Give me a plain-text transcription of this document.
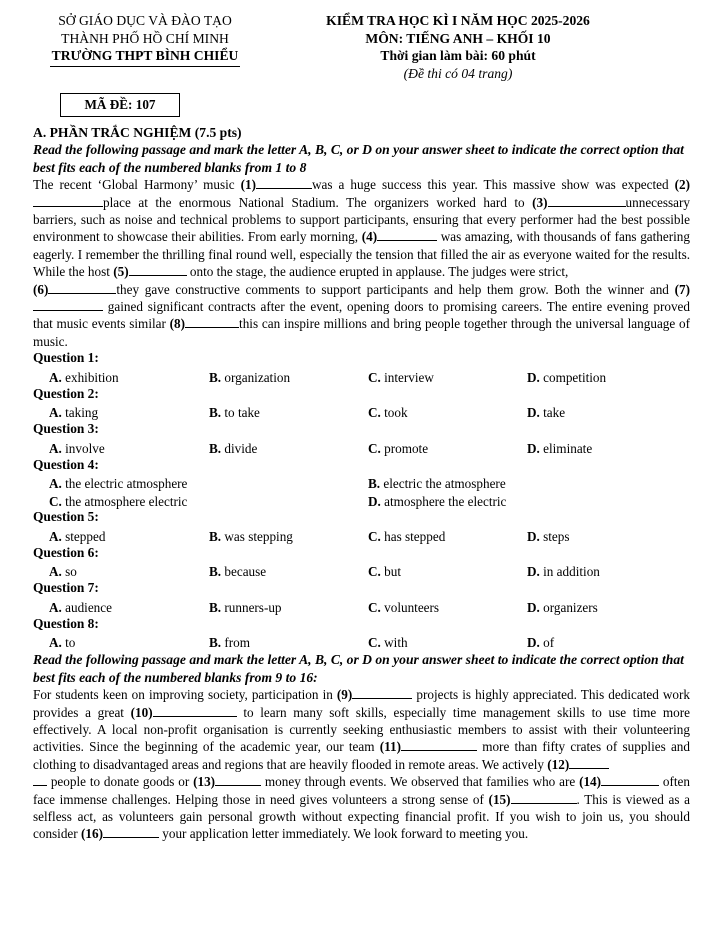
SỞ GIÁO DỤC VÀ ĐÀO TẠO
THÀNH PHỐ HỒ CHÍ MINH
TRƯỜNG THPT BÌNH CHIỂU
KIỂM TRA HỌC KÌ I NĂM HỌC 2025-2026
MÔN: TIẾNG ANH – KHỐI 10
Thời gian làm bài: 60 phút
(Đề thi có 04 trang)
MÃ ĐỀ: 107
A. PHẦN TRẮC NGHIỆM (7.5 pts)
Read the following passage and mark the letter A, B, C, or D on your answer sheet to indicate the correct option that best fits each of the numbered blanks from 1 to 8
The recent ‘Global Harmony’ music (1)	was a huge success this year. This massive show was expected (2)place at the enormous National Stadium. The organizers worked hard to (3)	unnecessary barriers, such as noise and technical problems to support participants, ensuring that every performer had the best possible environment to showcase their abilities. From early morning, (4)	was amazing, with thousands of fans gathering eagerly. I remember the thrilling final round well, especially the tension that filled the air as everyone waited for the results. While the host (5)	onto the stage, the audience erupted in applause. The judges were strict,
(6)	they gave constructive comments to support participants and help them grow. Both the winner and (7) gained significant contracts after the event, opening doors to promising careers. The entire evening proved that music events similar (8)	this can inspire millions and bring people together through the universal language of music.
Question 1:
A. exhibition	B. organization	C. interview	D. competition
Question 2:
A. taking	B. to take	C. took	D. take
Question 3:
A. involve	B. divide	C. promote	D. eliminate
Question 4:
A. the electric atmosphere	B. electric the atmosphere
C. the atmosphere electric	D. atmosphere the electric
Question 5:
A. stepped	B. was stepping	C. has stepped	D. steps
Question 6:
A. so	B. because	C. but	D. in addition
Question 7:
A. audience	B. runners-up	C. volunteers	D. organizers
Question 8:
A. to	B. from	C. with	D. of
Read the following passage and mark the letter A, B, C, or D on your answer sheet to indicate the correct option that best fits each of the numbered blanks from 9 to 16:
For students keen on improving society, participation in (9)	projects is highly appreciated. This dedicated work provides a great (10)	to learn many soft skills, especially time management skills to use time more effectively. A local non-profit organisation is currently seeking enthusiastic members to assist with their volunteering activities. Since the beginning of the academic year, our team (11)	more than fifty crates of supplies and clothing to disadvantaged areas and regions that are heavily flooded in remote areas. We actively (12)
people to donate goods or (13)	money through events. We observed that families who are (14)	often face immense challenges. Helping those in need gives volunteers a strong sense of (15)	. This is viewed as a selfless act, as volunteers gain personal growth without expecting financial profit. If you wish to join us, you should consider (16)	your application letter immediately. We look forward to meeting you.
